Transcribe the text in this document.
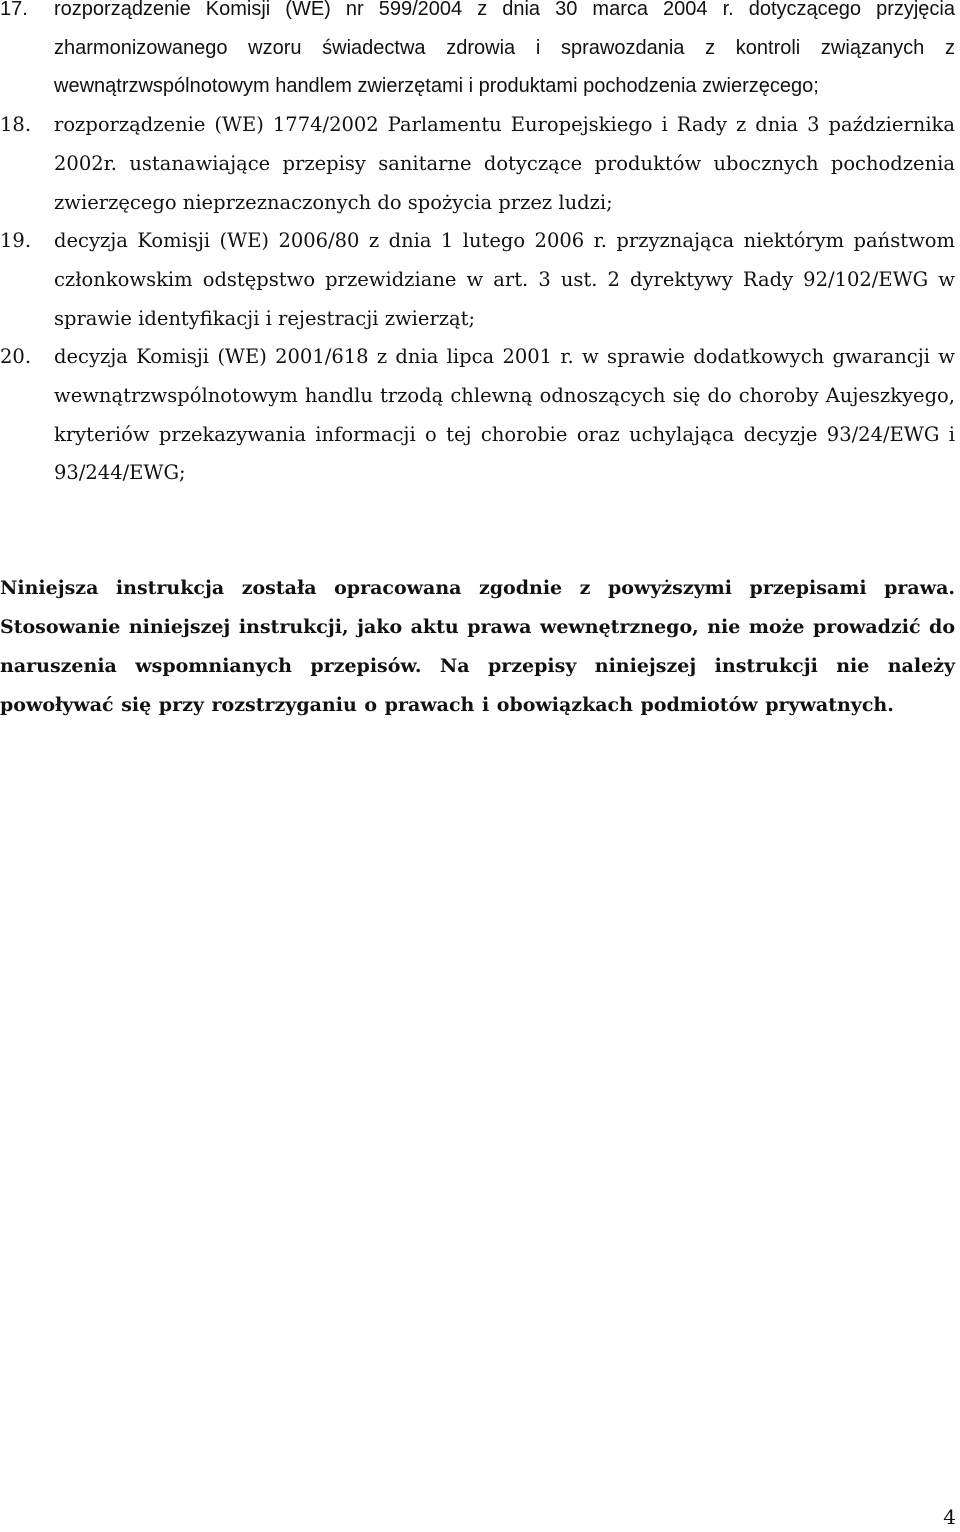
17. rozporządzenie Komisji (WE) nr 599/2004 z dnia 30 marca 2004 r. dotyczącego przyjęcia zharmonizowanego wzoru świadectwa zdrowia i sprawozdania z kontroli związanych z wewnątrzwspólnotowym handlem zwierzętami i produktami pochodzenia zwierzęcego;
18. rozporządzenie (WE) 1774/2002 Parlamentu Europejskiego i Rady z dnia 3 października 2002r. ustanawiające przepisy sanitarne dotyczące produktów ubocznych pochodzenia zwierzęcego nieprzeznaczonych do spożycia przez ludzi;
19. decyzja Komisji (WE) 2006/80 z dnia 1 lutego 2006 r. przyznająca niektórym państwom członkowskim odstępstwo przewidziane w art. 3 ust. 2 dyrektywy Rady 92/102/EWG w sprawie identyfikacji i rejestracji zwierząt;
20. decyzja Komisji (WE) 2001/618 z dnia lipca 2001 r. w sprawie dodatkowych gwarancji w wewnątrzwspólnotowym handlu trzodą chlewną odnoszących się do choroby Aujeszkyego, kryteriów przekazywania informacji o tej chorobie oraz uchylająca decyzje 93/24/EWG i 93/244/EWG;
Niniejsza instrukcja została opracowana zgodnie z powyższymi przepisami prawa. Stosowanie niniejszej instrukcji, jako aktu prawa wewnętrznego, nie może prowadzić do naruszenia wspomnianych przepisów. Na przepisy niniejszej instrukcji nie należy powoływać się przy rozstrzyganiu o prawach i obowiązkach podmiotów prywatnych.
4
